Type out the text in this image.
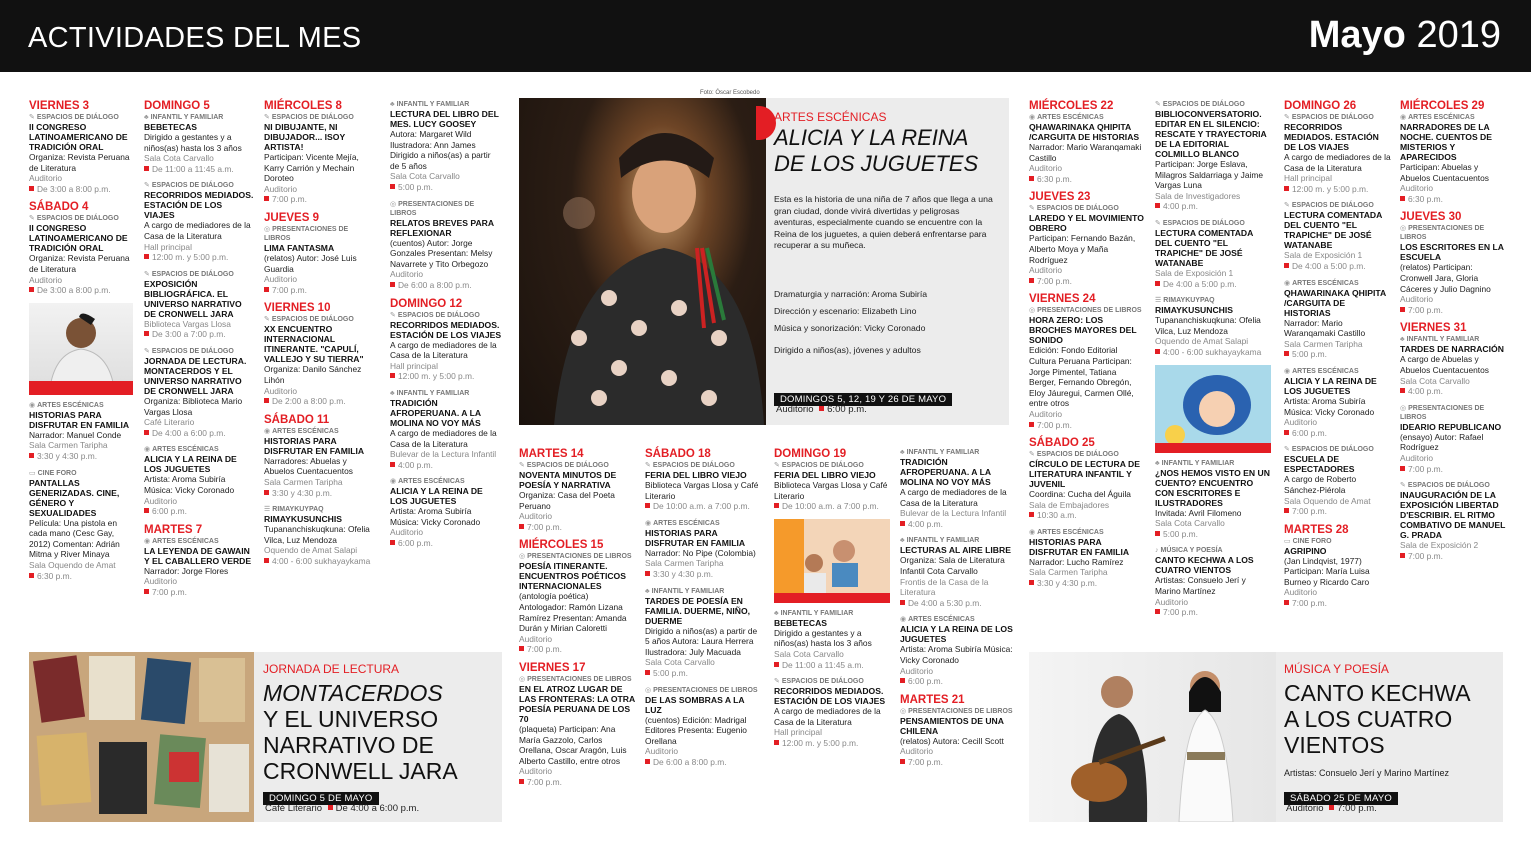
ACTIVIDADES DEL MES	Mayo 2019
VIERNES 3
✎ ESPACIOS DE DIÁLOGO
II CONGRESO LATINOAMERICANO DE TRADICIÓN ORAL
Organiza: Revista Peruana de Literatura
Auditorio
De 3:00 a 8:00 p.m.
SÁBADO 4
✎ ESPACIOS DE DIÁLOGO
II CONGRESO LATINOAMERICANO DE TRADICIÓN ORAL
Organiza: Revista Peruana de Literatura
Auditorio
De 3:00 a 8:00 p.m.
◉ ARTES ESCÉNICAS
HISTORIAS PARA DISFRUTAR EN FAMILIA
Narrador: Manuel Conde
Sala Carmen Taripha
3:30 y 4:30 p.m.
▭ CINE FORO
PANTALLAS GENERIZADAS. CINE, GÉNERO Y SEXUALIDADES
Película: Una pistola en cada mano (Cesc Gay, 2012) Comentan: Adrián Mitma y River Minaya
Sala Oquendo de Amat
6:30 p.m.
DOMINGO 5
♣ INFANTIL Y FAMILIAR
BEBETECAS
Dirigido a gestantes y a niños(as) hasta los 3 años
Sala Cota Carvallo
De 11:00 a 11:45 a.m.
✎ ESPACIOS DE DIÁLOGO
RECORRIDOS MEDIADOS. ESTACIÓN DE LOS VIAJES
A cargo de mediadores de la Casa de la Literatura
Hall principal
12:00 m. y 5:00 p.m.
✎ ESPACIOS DE DIÁLOGO
EXPOSICIÓN BIBLIOGRÁFICA. EL UNIVERSO NARRATIVO DE CRONWELL JARA
Biblioteca Vargas Llosa
De 3:00 a 7:00 p.m.
✎ ESPACIOS DE DIÁLOGO
JORNADA DE LECTURA. MONTACERDOS Y EL UNIVERSO NARRATIVO DE CRONWELL JARA
Organiza: Biblioteca Mario Vargas Llosa
Café Literario
De 4:00 a 6:00 p.m.
◉ ARTES ESCÉNICAS
ALICIA Y LA REINA DE LOS JUGUETES
Artista: Aroma Subiría Música: Vicky Coronado
Auditorio
6:00 p.m.
MARTES 7
◉ ARTES ESCÉNICAS
LA LEYENDA DE GAWAIN Y EL CABALLERO VERDE
Narrador: Jorge Flores
Auditorio
7:00 p.m.
MIÉRCOLES 8
✎ ESPACIOS DE DIÁLOGO
NI DIBUJANTE, NI DIBUJADOR... ISOY ARTISTA!
Participan: Vicente Mejía, Karry Carrión y Mechain Doroteo
Auditorio
7:00 p.m.
JUEVES 9
◎ PRESENTACIONES DE LIBROS
LIMA FANTASMA
(relatos) Autor: José Luis Guardia
Auditorio
7:00 p.m.
VIERNES 10
✎ ESPACIOS DE DIÁLOGO
XX ENCUENTRO INTERNACIONAL ITINERANTE. "CAPULÍ, VALLEJO Y SU TIERRA"
Organiza: Danilo Sánchez Lihón
Auditorio
De 2:00 a 8:00 p.m.
SÁBADO 11
◉ ARTES ESCÉNICAS
HISTORIAS PARA DISFRUTAR EN FAMILIA
Narradores: Abuelas y Abuelos Cuentacuentos
Sala Carmen Taripha
3:30 y 4:30 p.m.
☰ RIMAYKUYPAQ
RIMAYKUSUNCHIS
Tupananchiskuqkuna: Ofelia Vilca, Luz Mendoza
Oquendo de Amat Salapi
4:00 - 6:00 sukhayaykama
♣ INFANTIL Y FAMILIAR
LECTURA DEL LIBRO DEL MES. LUCY GOOSEY
Autora: Margaret Wild Ilustradora: Ann James Dirigido a niños(as) a partir de 5 años
Sala Cota Carvallo
5:00 p.m.
◎ PRESENTACIONES DE LIBROS
RELATOS BREVES PARA REFLEXIONAR
(cuentos) Autor: Jorge Gonzales Presentan: Melsy Navarrete y Tito Orbegozo
Auditorio
De 6:00 a 8:00 p.m.
DOMINGO 12
✎ ESPACIOS DE DIÁLOGO
RECORRIDOS MEDIADOS. ESTACIÓN DE LOS VIAJES
A cargo de mediadores de la Casa de la Literatura
Hall principal
12:00 m. y 5:00 p.m.
♣ INFANTIL Y FAMILIAR
TRADICIÓN AFROPERUANA. A LA MOLINA NO VOY MÁS
A cargo de mediadores de la Casa de la Literatura
Bulevar de la Lectura Infantil
4:00 p.m.
◉ ARTES ESCÉNICAS
ALICIA Y LA REINA DE LOS JUGUETES
Artista: Aroma Subiría Música: Vicky Coronado
Auditorio
6:00 p.m.
MARTES 14
✎ ESPACIOS DE DIÁLOGO
NOVENTA MINUTOS DE POESÍA Y NARRATIVA
Organiza: Casa del Poeta Peruano
Auditorio
7:00 p.m.
MIÉRCOLES 15
◎ PRESENTACIONES DE LIBROS
POESÍA ITINERANTE. ENCUENTROS POÉTICOS INTERNACIONALES
(antología poética) Antologador: Ramón Lizana Ramírez Presentan: Amanda Durán y Mirian Caloretti
Auditorio
7:00 p.m.
VIERNES 17
◎ PRESENTACIONES DE LIBROS
EN EL ATROZ LUGAR DE LAS FRONTERAS: LA OTRA POESÍA PERUANA DE LOS 70
(plaqueta) Participan: Ana María Gazzolo, Carlos Orellana, Oscar Aragón, Luis Alberto Castillo, entre otros
Auditorio
7:00 p.m.
SÁBADO 18
✎ ESPACIOS DE DIÁLOGO
FERIA DEL LIBRO VIEJO
Biblioteca Vargas Llosa y Café Literario
De 10:00 a.m. a 7:00 p.m.
◉ ARTES ESCÉNICAS
HISTORIAS PARA DISFRUTAR EN FAMILIA
Narrador: No Pipe (Colombia)
Sala Carmen Taripha
3:30 y 4:30 p.m.
♣ INFANTIL Y FAMILIAR
TARDES DE POESÍA EN FAMILIA. DUERME, NIÑO, DUERME
Dirigido a niños(as) a partir de 5 años Autora: Laura Herrera Ilustradora: July Macuada
Sala Cota Carvallo
5:00 p.m.
◎ PRESENTACIONES DE LIBROS
DE LAS SOMBRAS A LA LUZ
(cuentos) Edición: Madrigal Editores Presenta: Eugenio Orellana
Auditorio
De 6:00 a 8:00 p.m.
DOMINGO 19
✎ ESPACIOS DE DIÁLOGO
FERIA DEL LIBRO VIEJO
Biblioteca Vargas Llosa y Café Literario
De 10:00 a.m. a 7:00 p.m.
♣ INFANTIL Y FAMILIAR
BEBETECAS
Dirigido a gestantes y a niños(as) hasta los 3 años
Sala Cota Carvallo
De 11:00 a 11:45 a.m.
✎ ESPACIOS DE DIÁLOGO
RECORRIDOS MEDIADOS. ESTACIÓN DE LOS VIAJES
A cargo de mediadores de la Casa de la Literatura
Hall principal
12:00 m. y 5:00 p.m.
♣ INFANTIL Y FAMILIAR
TRADICIÓN AFROPERUANA. A LA MOLINA NO VOY MÁS
A cargo de mediadores de la Casa de la Literatura
Bulevar de la Lectura Infantil
4:00 p.m.
♣ INFANTIL Y FAMILIAR
LECTURAS AL AIRE LIBRE
Organiza: Sala de Literatura Infantil Cota Carvallo
Frontis de la Casa de la Literatura
De 4:00 a 5:30 p.m.
◉ ARTES ESCÉNICAS
ALICIA Y LA REINA DE LOS JUGUETES
Artista: Aroma Subiría Música: Vicky Coronado
Auditorio
6:00 p.m.
MARTES 21
◎ PRESENTACIONES DE LIBROS
PENSAMIENTOS DE UNA CHILENA
(relatos) Autora: Cecill Scott
Auditorio
7:00 p.m.
MIÉRCOLES 22
◉ ARTES ESCÉNICAS
QHAWARINAKA QHIPITA /CARGUITA DE HISTORIAS
Narrador: Mario Waranqamaki Castillo
Auditorio
6:30 p.m.
JUEVES 23
✎ ESPACIOS DE DIÁLOGO
LAREDO Y EL MOVIMIENTO OBRERO
Participan: Fernando Bazán, Alberto Moya y Maña Rodríguez
Auditorio
7:00 p.m.
VIERNES 24
◎ PRESENTACIONES DE LIBROS
HORA ZERO: LOS BROCHES MAYORES DEL SONIDO
Edición: Fondo Editorial Cultura Peruana Participan: Jorge Pimentel, Tatiana Berger, Fernando Obregón, Eloy Jáuregui, Carmen Ollé, entre otros
Auditorio
7:00 p.m.
SÁBADO 25
✎ ESPACIOS DE DIÁLOGO
CÍRCULO DE LECTURA DE LITERATURA INFANTIL Y JUVENIL
Coordina: Cucha del Águila
Sala de Embajadores
10:30 a.m.
◉ ARTES ESCÉNICAS
HISTORIAS PARA DISFRUTAR EN FAMILIA
Narrador: Lucho Ramírez
Sala Carmen Taripha
3:30 y 4:30 p.m.
✎ ESPACIOS DE DIÁLOGO
BIBLIOCONVERSATORIO. EDITAR EN EL SILENCIO: RESCATE Y TRAYECTORIA DE LA EDITORIAL COLMILLO BLANCO
Participan: Jorge Eslava, Milagros Saldarriaga y Jaime Vargas Luna
Sala de Investigadores
4:00 p.m.
✎ ESPACIOS DE DIÁLOGO
LECTURA COMENTADA DEL CUENTO "EL TRAPICHE" DE JOSÉ WATANABE
Sala de Exposición 1
De 4:00 a 5:00 p.m.
☰ RIMAYKUYPAQ
RIMAYKUSUNCHIS
Tupananchiskuqkuna: Ofelia Vilca, Luz Mendoza
Oquendo de Amat Salapi
4:00 - 6:00 sukhayaykama
♣ INFANTIL Y FAMILIAR
¿NOS HEMOS VISTO EN UN CUENTO? ENCUENTRO CON ESCRITORES E ILUSTRADORES
Invitada: Avril Filomeno
Sala Cota Carvallo
5:00 p.m.
♪ MÚSICA Y POESÍA
CANTO KECHWA A LOS CUATRO VIENTOS
Artistas: Consuelo Jerí y Marino Martínez
Auditorio
7:00 p.m.
DOMINGO 26
✎ ESPACIOS DE DIÁLOGO
RECORRIDOS MEDIADOS. ESTACIÓN DE LOS VIAJES
A cargo de mediadores de la Casa de la Literatura
Hall principal
12:00 m. y 5:00 p.m.
✎ ESPACIOS DE DIÁLOGO
LECTURA COMENTADA DEL CUENTO "EL TRAPICHE" DE JOSÉ WATANABE
Sala de Exposición 1
De 4:00 a 5:00 p.m.
◉ ARTES ESCÉNICAS
QHAWARINAKA QHIPITA /CARGUITA DE HISTORIAS
Narrador: Mario Waranqamaki Castillo
Sala Carmen Taripha
5:00 p.m.
◉ ARTES ESCÉNICAS
ALICIA Y LA REINA DE LOS JUGUETES
Artista: Aroma Subiría Música: Vicky Coronado
Auditorio
6:00 p.m.
✎ ESPACIOS DE DIÁLOGO
ESCUELA DE ESPECTADORES
A cargo de Roberto Sánchez-Piérola
Sala Oquendo de Amat
7:00 p.m.
MARTES 28
▭ CINE FORO
AGRIPINO
(Jan Lindqvist, 1977) Participan: María Luisa Burneo y Ricardo Caro
Auditorio
7:00 p.m.
MIÉRCOLES 29
◉ ARTES ESCÉNICAS
NARRADORES DE LA NOCHE. CUENTOS DE MISTERIOS Y APARECIDOS
Participan: Abuelas y Abuelos Cuentacuentos
Auditorio
6:30 p.m.
JUEVES 30
◎ PRESENTACIONES DE LIBROS
LOS ESCRITORES EN LA ESCUELA
(relatos) Participan: Cronwell Jara, Gloria Cáceres y Julio Dagnino
Auditorio
7:00 p.m.
VIERNES 31
♣ INFANTIL Y FAMILIAR
TARDES DE NARRACIÓN
A cargo de Abuelas y Abuelos Cuentacuentos
Sala Cota Carvallo
4:00 p.m.
◎ PRESENTACIONES DE LIBROS
IDEARIO REPUBLICANO
(ensayo) Autor: Rafael Rodríguez
Auditorio
7:00 p.m.
✎ ESPACIOS DE DIÁLOGO
INAUGURACIÓN DE LA EXPOSICIÓN LIBERTAD D'ESCRIBIR. EL RITMO COMBATIVO DE MANUEL G. PRADA
Sala de Exposición 2
7:00 p.m.
Foto: Óscar Escobedo
ARTES ESCÉNICAS
ALICIA Y LA REINA
DE LOS JUGUETES
Esta es la historia de una niña de 7 años que llega a una gran ciudad, donde vivirá divertidas y peligrosas aventuras, especialmente cuando se encuentre con la Reina de los juguetes, a quien deberá enfrentarse para recuperar a su muñeca.
Dramaturgia y narración: Aroma Subiría
Dirección y escenario: Elizabeth Lino
Música y sonorización: Vicky Coronado
Dirigido a niños(as), jóvenes y adultos
DOMINGOS 5, 12, 19 Y 26 DE MAYO
Auditorio 6:00 p.m.
JORNADA DE LECTURA
MONTACERDOS
Y EL UNIVERSO
NARRATIVO DE
CRONWELL JARA
DOMINGO 5 DE MAYO
Café Literario De 4:00 a 6:00 p.m.
MÚSICA Y POESÍA
CANTO KECHWA
A LOS CUATRO
VIENTOS
Artistas: Consuelo Jerí y Marino Martínez
SÁBADO 25 DE MAYO
Auditorio 7:00 p.m.
